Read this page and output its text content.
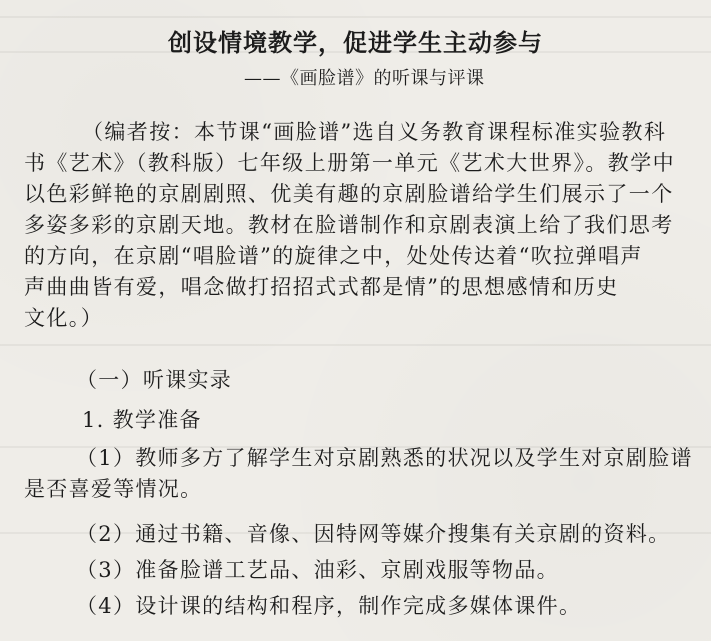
创设情境教学，促进学生主动参与
——《画脸谱》的听课与评课
（编者按：本节课“画脸谱”选自义务教育课程标准实验教科
书《艺术》（教科版）七年级上册第一单元《艺术大世界》。教学中
以色彩鲜艳的京剧剧照、优美有趣的京剧脸谱给学生们展示了一个
多姿多彩的京剧天地。教材在脸谱制作和京剧表演上给了我们思考
的方向，在京剧“唱脸谱”的旋律之中，处处传达着“吹拉弹唱声
声曲曲皆有爱，唱念做打招招式式都是情”的思想感情和历史
文化。）
（一）听课实录
1. 教学准备
（1）教师多方了解学生对京剧熟悉的状况以及学生对京剧脸谱
是否喜爱等情况。
（2）通过书籍、音像、因特网等媒介搜集有关京剧的资料。
（3）准备脸谱工艺品、油彩、京剧戏服等物品。
（4）设计课的结构和程序，制作完成多媒体课件。
